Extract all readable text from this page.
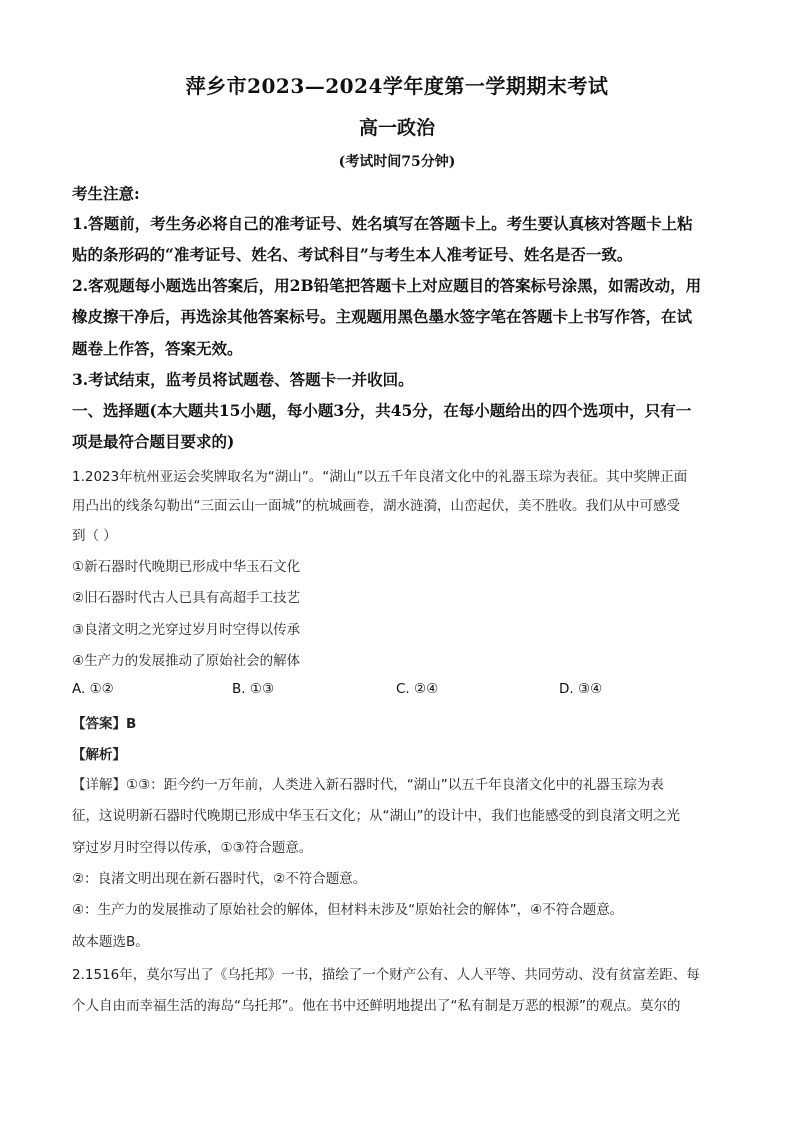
萍乡市2023—2024学年度第一学期期末考试
高一政治
(考试时间75分钟)
考生注意:
1.答题前，考生务必将自己的准考证号、姓名填写在答题卡上。考生要认真核对答题卡上粘
贴的条形码的“准考证号、姓名、考试科目”与考生本人准考证号、姓名是否一致。
2.客观题每小题选出答案后，用2B铅笔把答题卡上对应题目的答案标号涂黑，如需改动，用
橡皮擦干净后，再选涂其他答案标号。主观题用黑色墨水签字笔在答题卡上书写作答，在试
题卷上作答，答案无效。
3.考试结束，监考员将试题卷、答题卡一并收回。
一、选择题(本大题共15小题，每小题3分，共45分，在每小题给出的四个选项中，只有一
项是最符合题目要求的)
1.2023年杭州亚运会奖牌取名为“湖山”。“湖山”以五千年良渚文化中的礼器玉琮为表征。其中奖牌正面
用凸出的线条勾勒出“三面云山一面城”的杭城画卷，湖水涟漪，山峦起伏，美不胜收。我们从中可感受
到（ ）
①新石器时代晚期已形成中华玉石文化
②旧石器时代古人已具有高超手工技艺
③良渚文明之光穿过岁月时空得以传承
④生产力的发展推动了原始社会的解体
A. ①②	B. ①③	C. ②④	D. ③④
【答案】B
【解析】
【详解】①③：距今约一万年前，人类进入新石器时代，“湖山”以五千年良渚文化中的礼器玉琮为表
征，这说明新石器时代晚期已形成中华玉石文化；从“湖山”的设计中，我们也能感受的到良渚文明之光
穿过岁月时空得以传承，①③符合题意。
②：良渚文明出现在新石器时代，②不符合题意。
④：生产力的发展推动了原始社会的解体，但材料未涉及“原始社会的解体”，④不符合题意。
故本题选B。
2.1516年，莫尔写出了《乌托邦》一书，描绘了一个财产公有、人人平等、共同劳动、没有贫富差距、每
个人自由而幸福生活的海岛“乌托邦”。他在书中还鲜明地提出了“私有制是万恶的根源”的观点。莫尔的
